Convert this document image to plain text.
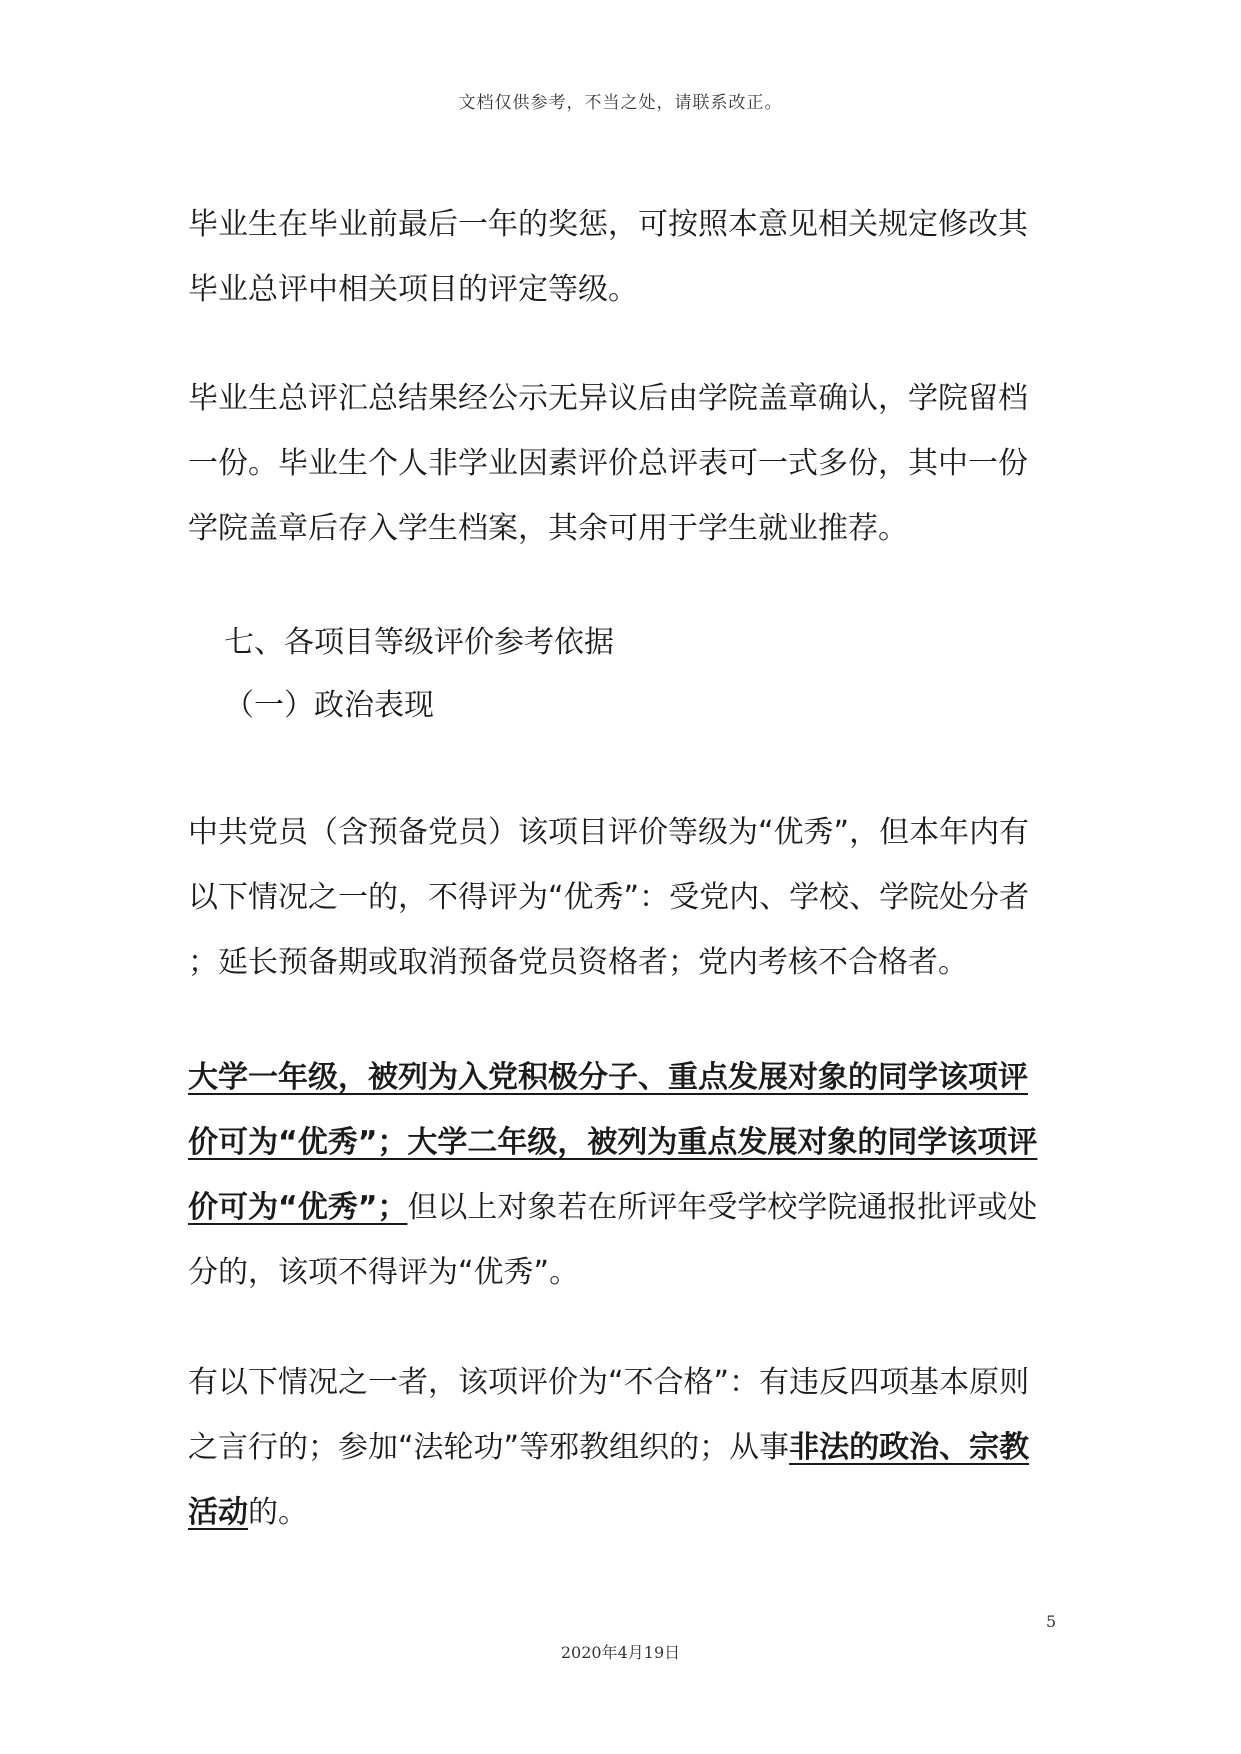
文档仅供参考，不当之处，请联系改正。
毕业生在毕业前最后一年的奖惩，可按照本意见相关规定修改其
毕业总评中相关项目的评定等级。
毕业生总评汇总结果经公示无异议后由学院盖章确认，学院留档
一份。毕业生个人非学业因素评价总评表可一式多份，其中一份
学院盖章后存入学生档案，其余可用于学生就业推荐。
七、各项目等级评价参考依据
（一）政治表现
中共党员（含预备党员）该项目评价等级为“优秀”，但本年内有
以下情况之一的，不得评为“优秀”：受党内、学校、学院处分者
；延长预备期或取消预备党员资格者；党内考核不合格者。
大学一年级，被列为入党积极分子、重点发展对象的同学该项评
价可为“优秀”；大学二年级，被列为重点发展对象的同学该项评
价可为“优秀”；但以上对象若在所评年受学校学院通报批评或处
分的，该项不得评为“优秀”。
有以下情况之一者，该项评价为“不合格”：有违反四项基本原则
之言行的；参加“法轮功”等邪教组织的；从事非法的政治、宗教
活动的。
5
2020年4月19日
